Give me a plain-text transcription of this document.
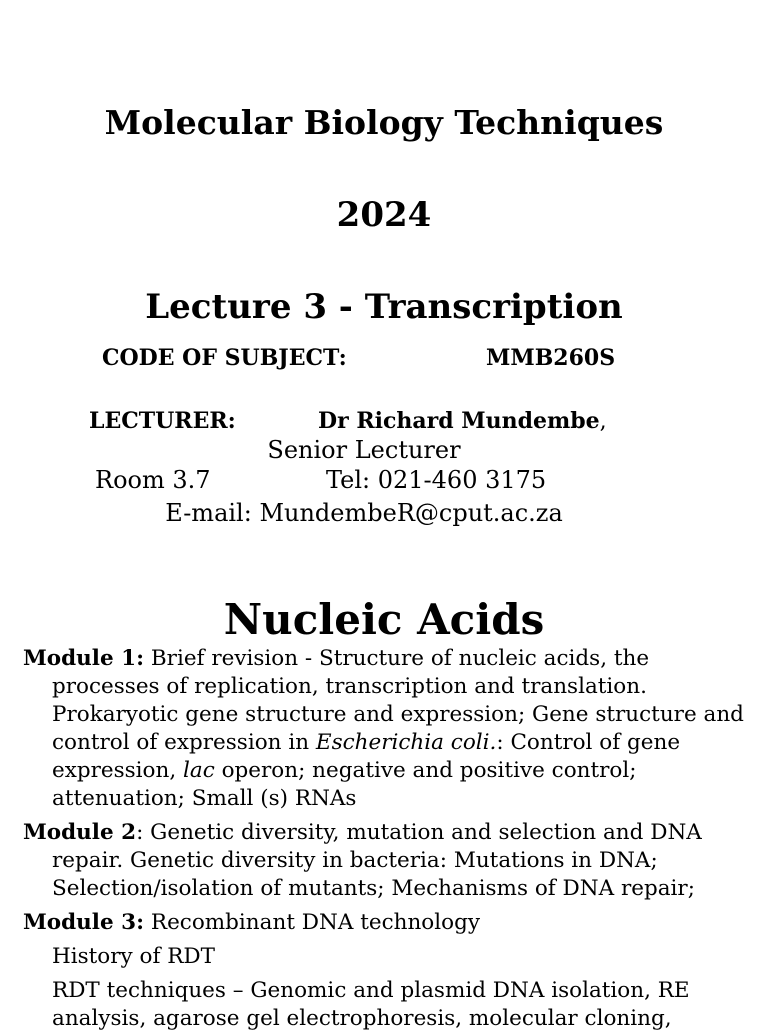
Molecular Biology Techniques
2024
Lecture 3 - Transcription
CODE OF SUBJECT:	MMB260S
LECTURER:	Dr Richard Mundembe,
Senior Lecturer
Room 3.7	Tel: 021-460 3175
E-mail: MundembeR@cput.ac.za
Nucleic Acids
Module 1: Brief revision - Structure of nucleic acids, the processes of replication, transcription and translation. Prokaryotic gene structure and expression; Gene structure and control of expression in Escherichia coli.: Control of gene expression, lac operon; negative and positive control; attenuation; Small (s) RNAs
Module 2: Genetic diversity, mutation and selection and DNA repair. Genetic diversity in bacteria: Mutations in DNA; Selection/isolation of mutants; Mechanisms of DNA repair;
Module 3: Recombinant DNA technology
History of RDT
RDT techniques – Genomic and plasmid DNA isolation, RE analysis, agarose gel electrophoresis, molecular cloning,
